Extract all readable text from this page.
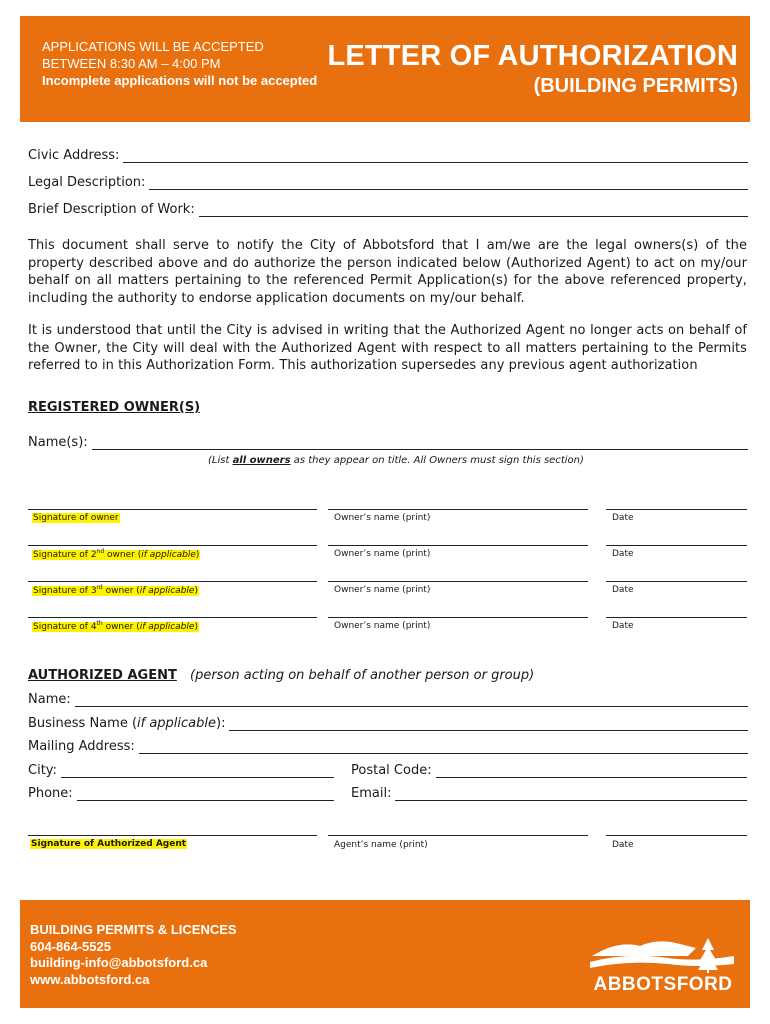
APPLICATIONS WILL BE ACCEPTED
BETWEEN 8:30 AM – 4:00 PM
Incomplete applications will not be accepted
LETTER OF AUTHORIZATION
(BUILDING PERMITS)
Civic Address:
Legal Description:
Brief Description of Work:
This document shall serve to notify the City of Abbotsford that I am/we are the legal owners(s) of the property described above and do authorize the person indicated below (Authorized Agent) to act on my/our behalf on all matters pertaining to the referenced Permit Application(s) for the above referenced property, including the authority to endorse application documents on my/our behalf.
It is understood that until the City is advised in writing that the Authorized Agent no longer acts on behalf of the Owner, the City will deal with the Authorized Agent with respect to all matters pertaining to the Permits referred to in this Authorization Form. This authorization supersedes any previous agent authorization
REGISTERED OWNER(S)
Name(s):
(List all owners as they appear on title. All Owners must sign this section)
Signature of owner	Owner’s name (print)	Date
Signature of 2nd owner (if applicable)	Owner’s name (print)	Date
Signature of 3rd owner (if applicable)	Owner’s name (print)	Date
Signature of 4th owner (if applicable)	Owner’s name (print)	Date
AUTHORIZED AGENT (person acting on behalf of another person or group)
Name:
Business Name (if applicable):
Mailing Address:
City:	Postal Code:
Phone:	Email:
Signature of Authorized Agent	Agent’s name (print)	Date
BUILDING PERMITS & LICENCES
604-864-5525
building-info@abbotsford.ca
www.abbotsford.ca	ABBOTSFORD
